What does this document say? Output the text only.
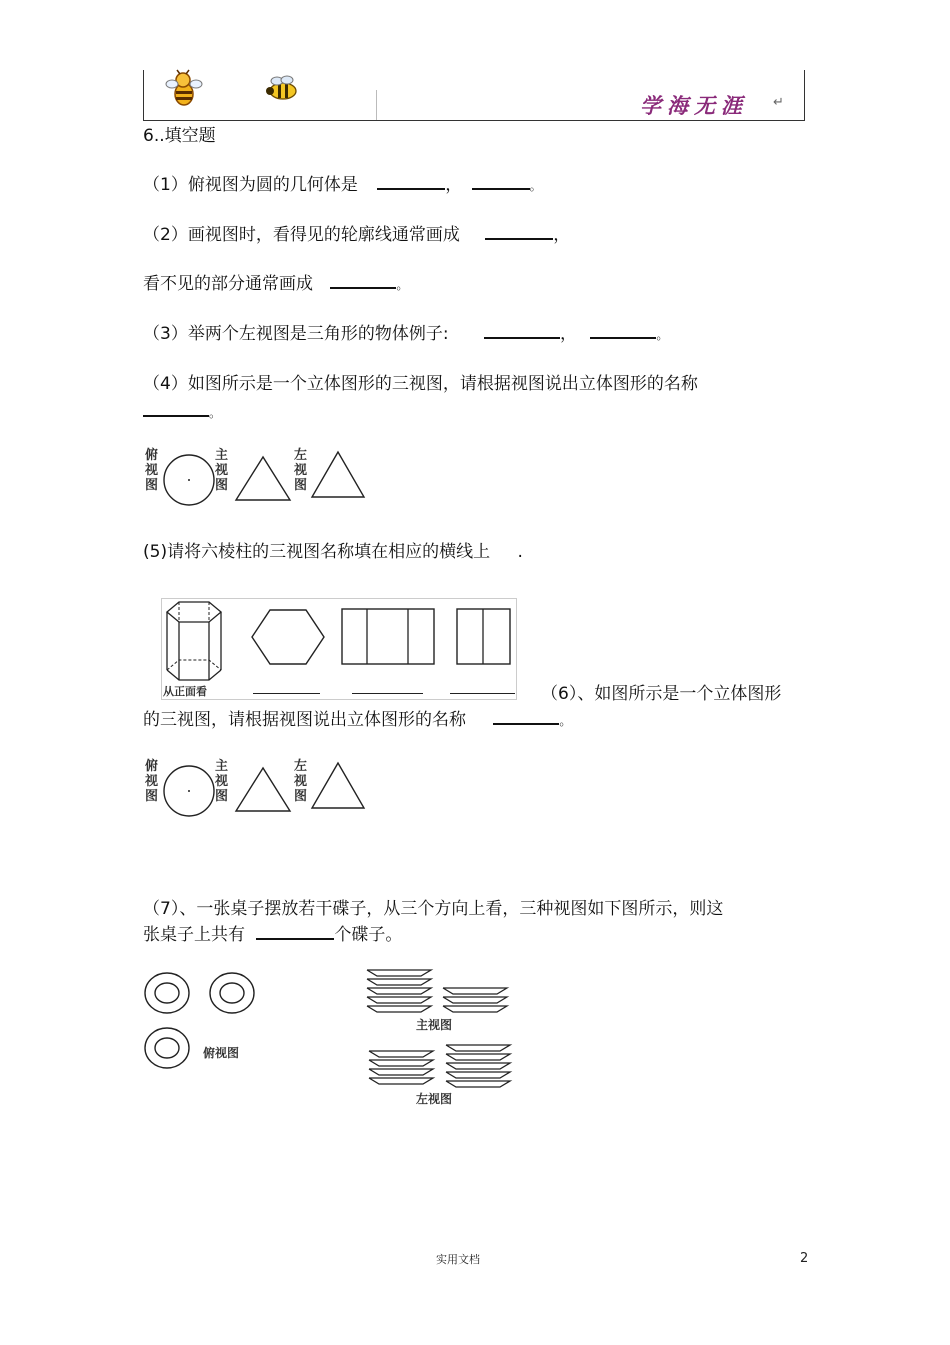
学海无涯 ↵
6..填空题
（1）俯视图为圆的几何体是	，	。
（2）画视图时，看得见的轮廓线通常画成	，
看不见的部分通常画成	。
（3）举两个左视图是三角形的物体例子:	，	。
（4）如图所示是一个立体图形的三视图，请根据视图说出立体图形的名称
。
俯
视
图
主
视
图
左
视
图
(5)请将六棱柱的三视图名称填在相应的横线上 .
从正面看	（6）、如图所示是一个立体图形
的三视图，请根据视图说出立体图形的名称	。
俯
视
图
主
视
图
左
视
图
（7）、一张桌子摆放若干碟子，从三个方向上看，三种视图如下图所示，则这
张桌子上共有	个碟子。
俯视图
主视图
左视图
实用文档	2
